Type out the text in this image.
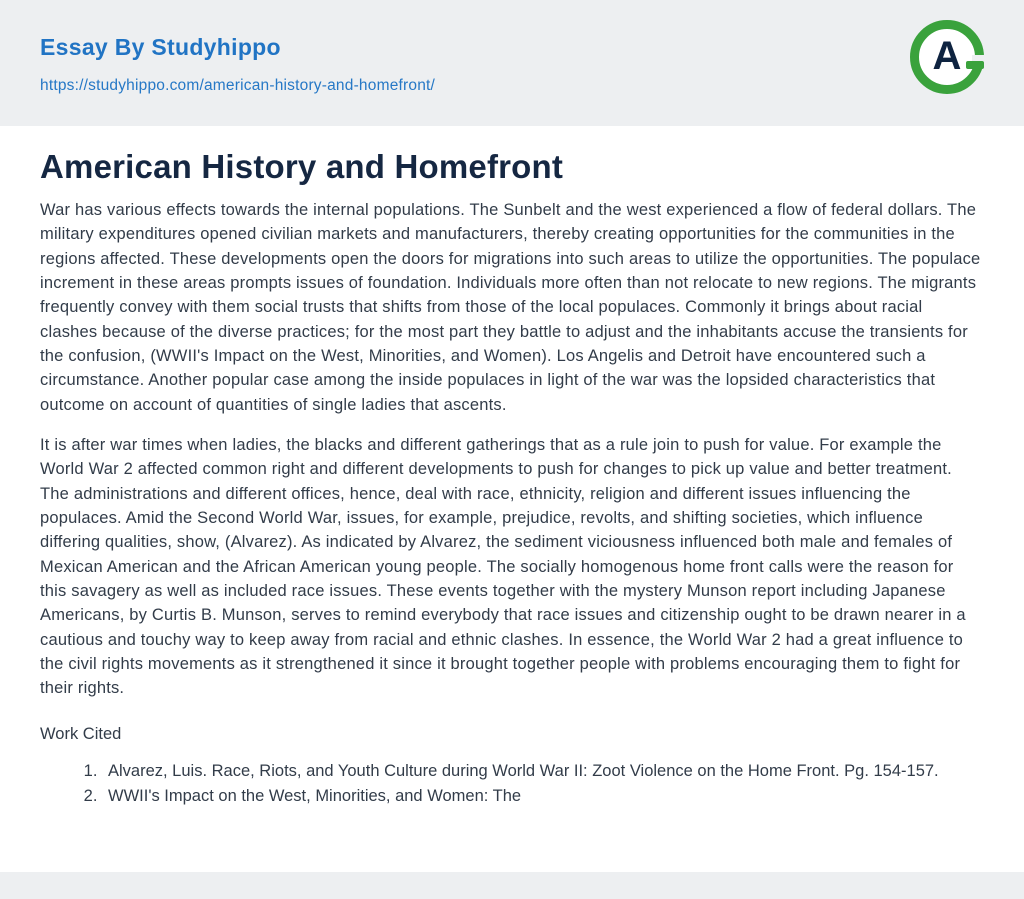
Essay By Studyhippo
https://studyhippo.com/american-history-and-homefront/
A
American History and Homefront

War has various effects towards the internal populations. The Sunbelt and the west experienced a flow of federal dollars. The military expenditures opened civilian markets and manufacturers, thereby creating opportunities for the communities in the regions affected. These developments open the doors for migrations into such areas to utilize the opportunities. The populace increment in these areas prompts issues of foundation. Individuals more often than not relocate to new regions. The migrants frequently convey with them social trusts that shifts from those of the local populaces. Commonly it brings about racial clashes because of the diverse practices; for the most part they battle to adjust and the inhabitants accuse the transients for the confusion, (WWII's Impact on the West, Minorities, and Women). Los Angelis and Detroit have encountered such a circumstance. Another popular case among the inside populaces in light of the war was the lopsided characteristics that outcome on account of quantities of single ladies that ascents.

It is after war times when ladies, the blacks and different gatherings that as a rule join to push for value. For example the World War 2 affected common right and different developments to push for changes to pick up value and better treatment. The administrations and different offices, hence, deal with race, ethnicity, religion and different issues influencing the populaces. Amid the Second World War, issues, for example, prejudice, revolts, and shifting societies, which influence differing qualities, show, (Alvarez). As indicated by Alvarez, the sediment viciousness influenced both male and females of Mexican American and the African American young people. The socially homogenous home front calls were the reason for this savagery as well as included race issues. These events together with the mystery Munson report including Japanese Americans, by Curtis B. Munson, serves to remind everybody that race issues and citizenship ought to be drawn nearer in a cautious and touchy way to keep away from racial and ethnic clashes. In essence, the World War 2 had a great influence to the civil rights movements as it strengthened it since it brought together people with problems encouraging them to fight for their rights.

Work Cited
1. Alvarez, Luis. Race, Riots, and Youth Culture during World War II: Zoot Violence on the Home Front. Pg. 154-157.
2. WWII's Impact on the West, Minorities, and Women: The
